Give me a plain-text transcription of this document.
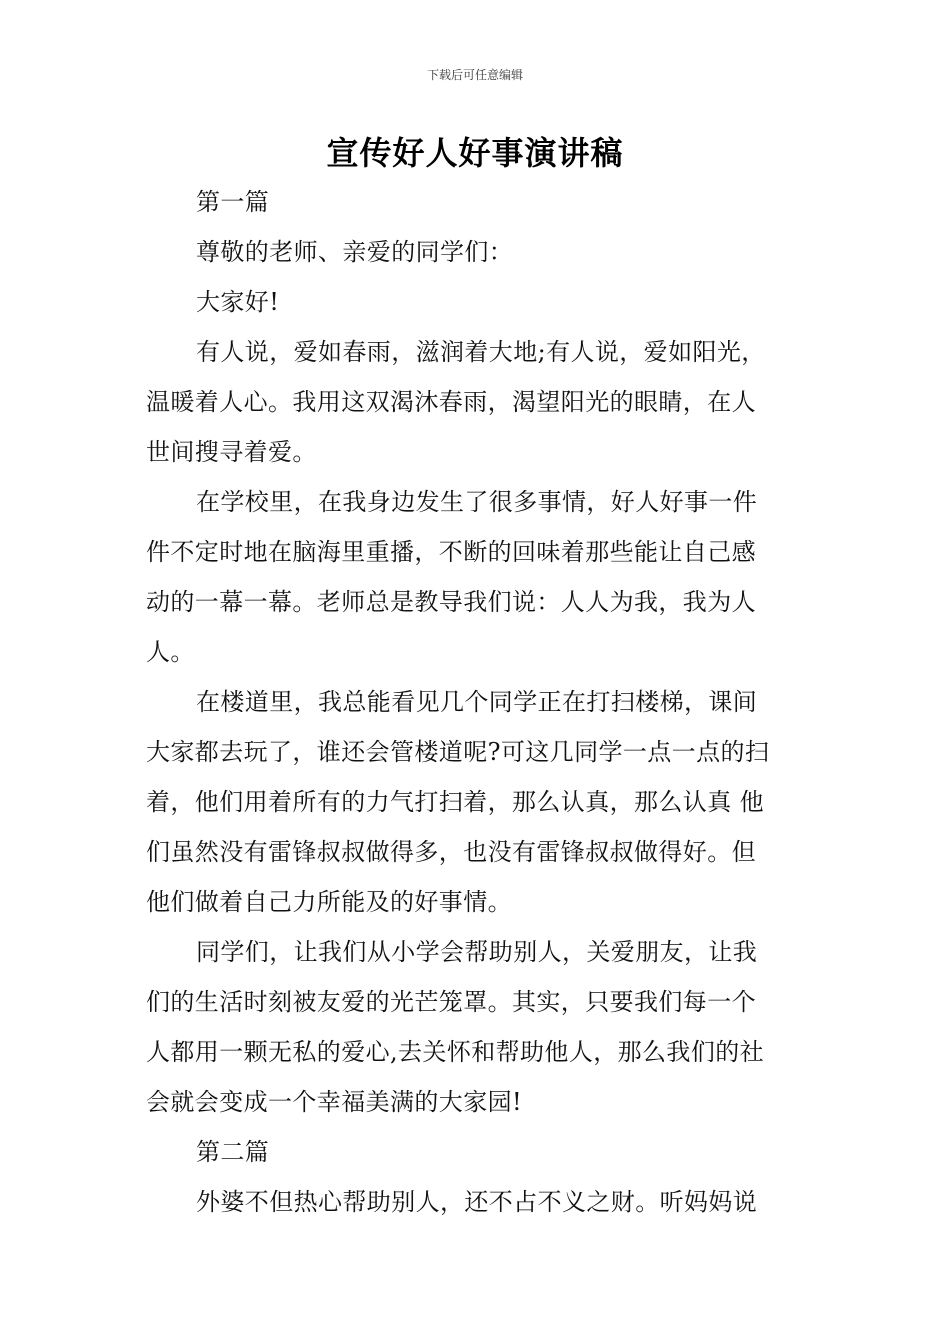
下载后可任意编辑
宣传好人好事演讲稿
第一篇
尊敬的老师、亲爱的同学们：
大家好!
有人说，爱如春雨，滋润着大地;有人说，爱如阳光，
温暖着人心。我用这双渴沐春雨，渴望阳光的眼睛，在人
世间搜寻着爱。
在学校里，在我身边发生了很多事情，好人好事一件
件不定时地在脑海里重播，不断的回味着那些能让自己感
动的一幕一幕。老师总是教导我们说：人人为我，我为人
人。
在楼道里，我总能看见几个同学正在打扫楼梯，课间
大家都去玩了，谁还会管楼道呢?可这几同学一点一点的扫
着，他们用着所有的力气打扫着，那么认真，那么认真 他
们虽然没有雷锋叔叔做得多，也没有雷锋叔叔做得好。但
他们做着自己力所能及的好事情。
同学们，让我们从小学会帮助别人，关爱朋友，让我
们的生活时刻被友爱的光芒笼罩。其实，只要我们每一个
人都用一颗无私的爱心,去关怀和帮助他人，那么我们的社
会就会变成一个幸福美满的大家园!
第二篇
外婆不但热心帮助别人，还不占不义之财。听妈妈说
